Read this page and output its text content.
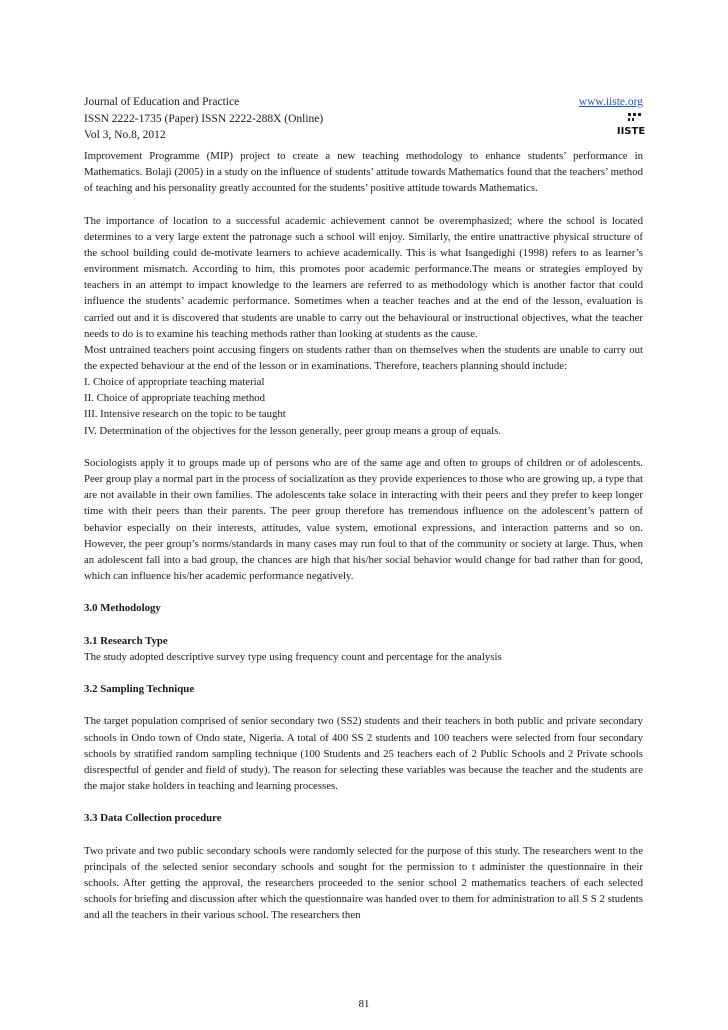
Journal of Education and Practice
ISSN 2222-1735 (Paper) ISSN 2222-288X (Online)
Vol 3, No.8, 2012
www.iiste.org
IISTE

Improvement Programme (MIP) project to create a new teaching methodology to enhance students’ performance in Mathematics. Bolaji (2005) in a study on the influence of students’ attitude towards Mathematics found that the teachers’ method of teaching and his personality greatly accounted for the students’ positive attitude towards Mathematics.

The importance of location to a successful academic achievement cannot be overemphasized; where the school is located determines to a very large extent the patronage such a school will enjoy. Similarly, the entire unattractive physical structure of the school building could de-motivate learners to achieve academically. This is what Isangedighi (1998) refers to as learner’s environment mismatch. According to him, this promotes poor academic performance.The means or strategies employed by teachers in an attempt to impact knowledge to the learners are referred to as methodology which is another factor that could influence the students’ academic performance. Sometimes when a teacher teaches and at the end of the lesson, evaluation is carried out and it is discovered that students are unable to carry out the behavioural or instructional objectives, what the teacher needs to do is to examine his teaching methods rather than looking at students as the cause.

Most untrained teachers point accusing fingers on students rather than on themselves when the students are unable to carry out the expected behaviour at the end of the lesson or in examinations. Therefore, teachers planning should include:

I. Choice of appropriate teaching material
II. Choice of appropriate teaching method
III. Intensive research on the topic to be taught
IV. Determination of the objectives for the lesson generally, peer group means a group of equals.

Sociologists apply it to groups made up of persons who are of the same age and often to groups of children or of adolescents. Peer group play a normal part in the process of socialization as they provide experiences to those who are growing up, a type that are not available in their own families. The adolescents take solace in interacting with their peers and they prefer to keep longer time with their peers than their parents. The peer group therefore has tremendous influence on the adolescent’s pattern of behavior especially on their interests, attitudes, value system, emotional expressions, and interaction patterns and so on. However, the peer group’s norms/standards in many cases may run foul to that of the community or society at large. Thus, when an adolescent fall into a bad group, the chances are high that his/her social behavior would change for bad rather than for good, which can influence his/her academic performance negatively.

3.0 Methodology
3.1 Research Type

The study adopted descriptive survey type using frequency count and percentage for the analysis

3.2 Sampling Technique

The target population comprised of senior secondary two (SS2) students and their teachers in both public and private secondary schools in Ondo town of Ondo state, Nigeria. A total of 400 SS 2 students and 100 teachers were selected from four secondary schools by stratified random sampling technique (100 Students and 25 teachers each of 2 Public Schools and 2 Private schools disrespectful of gender and field of study). The reason for selecting these variables was because the teacher and the students are the major stake holders in teaching and learning processes.

3.3 Data Collection procedure

Two private and two public secondary schools were randomly selected for the purpose of this study. The researchers went to the principals of the selected senior secondary schools and sought for the permission to t administer the questionnaire in their schools. After getting the approval, the researchers proceeded to the senior school 2 mathematics teachers of each selected schools for briefing and discussion after which the questionnaire was handed over to them for administration to all S S 2 students and all the teachers in their various school. The researchers then

81
